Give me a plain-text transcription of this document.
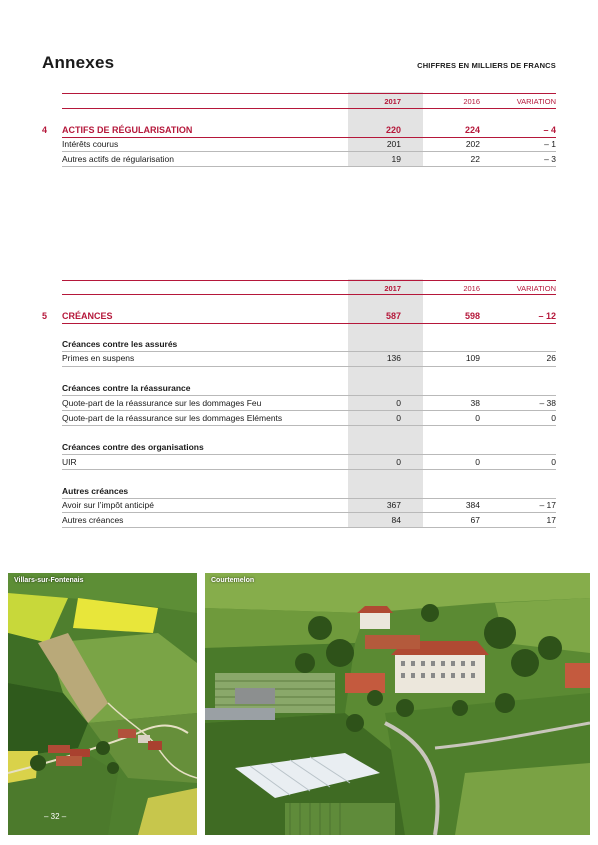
Annexes	CHIFFRES EN MILLIERS DE FRANCS
2017	2016	VARIATION
4 ACTIFS DE RÉGULARISATION	220	224	– 4
Intérêts courus	201	202	– 1
Autres actifs de régularisation	19	22	– 3
2017	2016	VARIATION
5 CRÉANCES	587	598	– 12
Créances contre les assurés
Primes en suspens	136	109	26
Créances contre la réassurance
Quote-part de la réassurance sur les dommages Feu	0	38	– 38
Quote-part de la réassurance sur les dommages Eléments	0	0	0
Créances contre des organisations
UIR	0	0	0
Autres créances
Avoir sur l’impôt anticipé	367	384	– 17
Autres créances	84	67	17
Villars-sur-Fontenais	Courtemelon
– 32 –
